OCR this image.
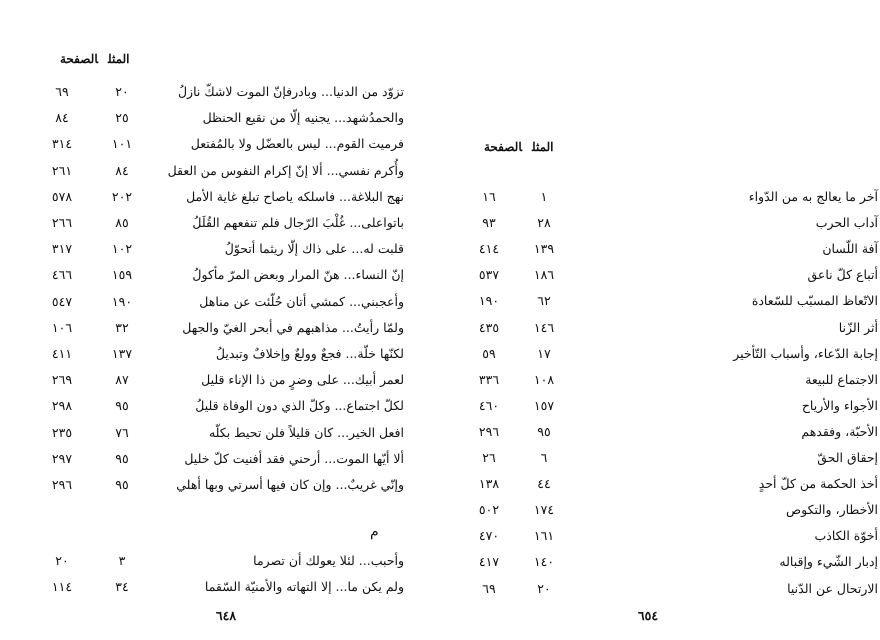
المثلالصفحة
تزوّد من الدنيا... وبادرفإنّ الموت لاشكّ نازلُ
٢٠
٦٩
والحمدُشهد... يجنيه إلّا من نقيع الحنظل
٢٥
٨٤
فرميت القوم... ليس بالعضّل ولا بالمُفتعل
١٠١
٣١٤
وأُكرم نفسي... ألا إنّ إكرام النفوس من العقل
٨٤
٢٦١
نهج البلاغة... فاسلكه ياصاح تبلغ غاية الأمل
٢٠٢
٥٧٨
باتواعلى... غُلْبَ الرّجال فلم تنفعهم القُلَلُ
٨٥
٢٦٦
قلبت له... على ذاك إلّا ريثما أتحوّلُ
١٠٢
٣١٧
إنّ النساء... هنّ المرار وبعض المرّ مأكولُ
١٥٩
٤٦٦
وأعجبني... كمشي أتان حُلّئت عن مناهل
١٩٠
٥٤٧
ولمّا رأيتُ... مذاهبهم في أبحر الغيّ والجهل
٣٢
١٠٦
لكنّها خلّة... فجعٌ وولعٌ وإخلافٌ وتبديلُ
١٣٧
٤١١
لعمر أبيك... على وضرٍ من ذا الإناء قليل
٨٧
٢٦٩
لكلّ اجتماع... وكلّ الذي دون الوفاة قليلُ
٩٥
٢٩٨
افعل الخير... كان قليلاً فلن تحيط بكلّه
٧٦
٢٣٥
ألا أيّها الموت... أرحني فقد أفنيت كلّ خليل
٩٥
٢٩٧
وإنّي غريبٌ... وإن كان فيها أسرتي وبها أهلي
٩٥
٢٩٦
م
وأحبب... لئلا يعولك أن تصرما
٣
٢٠
ولم يكن ما... إلا التهاته والأمنيّة السّقما
٣٤
١١٤
٦٤٨
المثلالصفحة
آخر ما يعالج به من الدّواء
١
١٦
آداب الحرب
٢٨
٩٣
آفة اللّسان
١٣٩
٤١٤
أتباع كلّ ناعق
١٨٦
٥٣٧
الاتّعاظ المسبّب للسّعادة
٦٢
١٩٠
أثر الزّنا
١٤٦
٤٣٥
إجابة الدّعاء، وأسباب التّأخير
١٧
٥٩
الاجتماع للبيعة
١٠٨
٣٣٦
الأجواء والأرياح
١٥٧
٤٦٠
الأحبّة، وفقدهم
٩٥
٢٩٦
إحقاق الحقّ
٦
٢٦
أخذ الحكمة من كلّ أحدٍ
٤٤
١٣٨
الأخطار، والتكوص
١٧٤
٥٠٢
أخوّة الكاذب
١٦١
٤٧٠
إدبار الشّيء وإقباله
١٤٠
٤١٧
الارتحال عن الدّنيا
٢٠
٦٩
٦٥٤
